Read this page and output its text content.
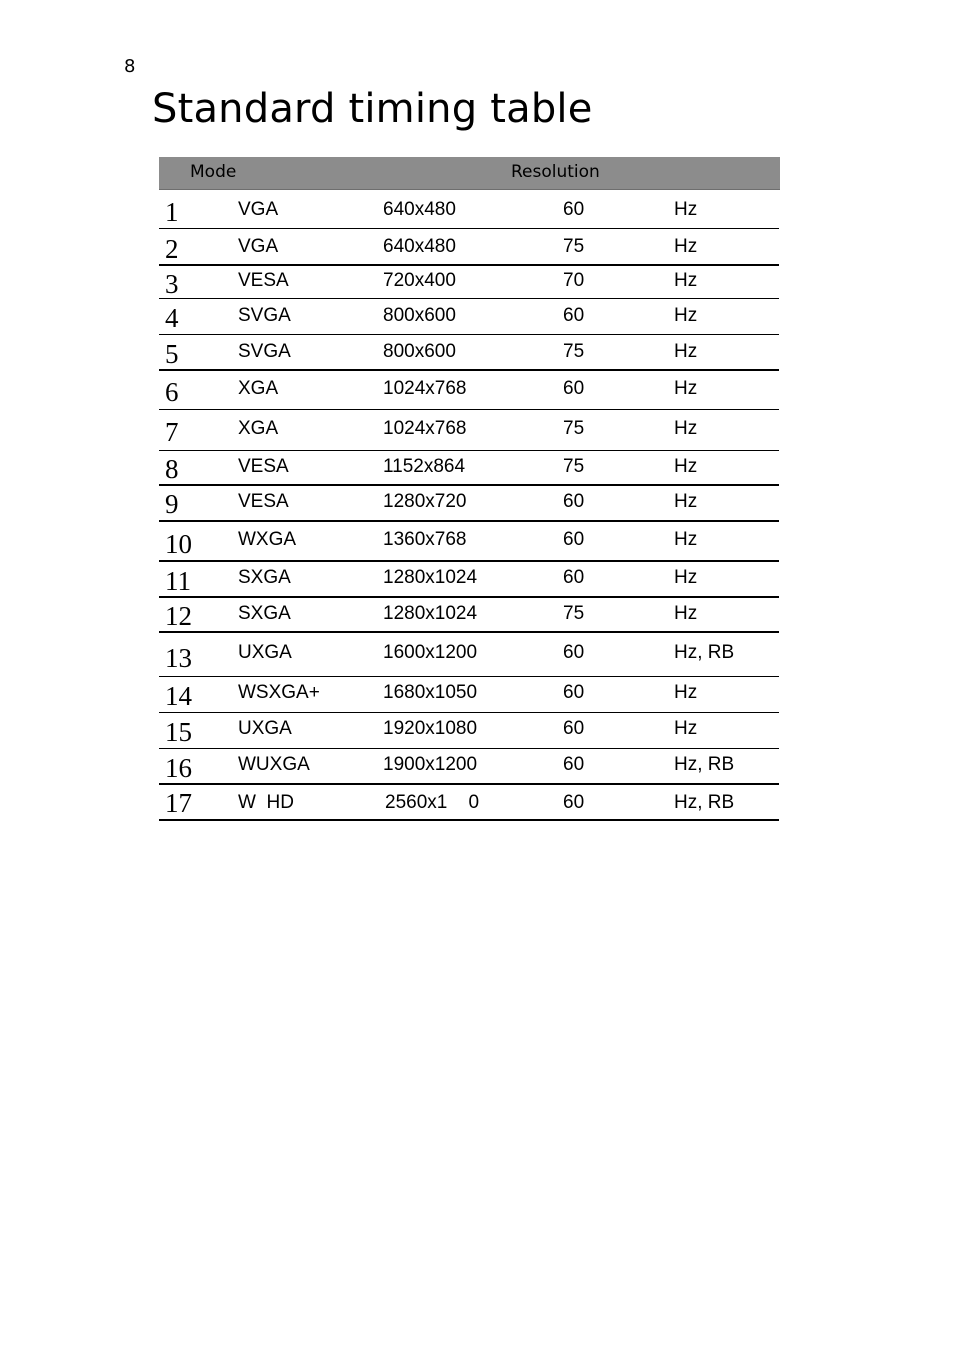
8
Standard timing table
Mode	Resolution
1	VGA	640x480	60	Hz
2	VGA	640x480	75	Hz
3	VESA	720x400	70	Hz
4	SVGA	800x600	60	Hz
5	SVGA	800x600	75	Hz
6	XGA	1024x768	60	Hz
7	XGA	1024x768	75	Hz
8	VESA	1152x864	75	Hz
9	VESA	1280x720	60	Hz
10 WXGA	1360x768	60	Hz
11 SXGA	1280x1024	60	Hz
12 SXGA	1280x1024	75	Hz
13 UXGA	1600x1200	60	Hz, RB
14 WSXGA+	1680x1050	60	Hz
15 UXGA	1920x1080	60	Hz
16 WUXGA	1900x1200	60	Hz, RB
17 W  HD	2560x1    0	60	Hz, RB
